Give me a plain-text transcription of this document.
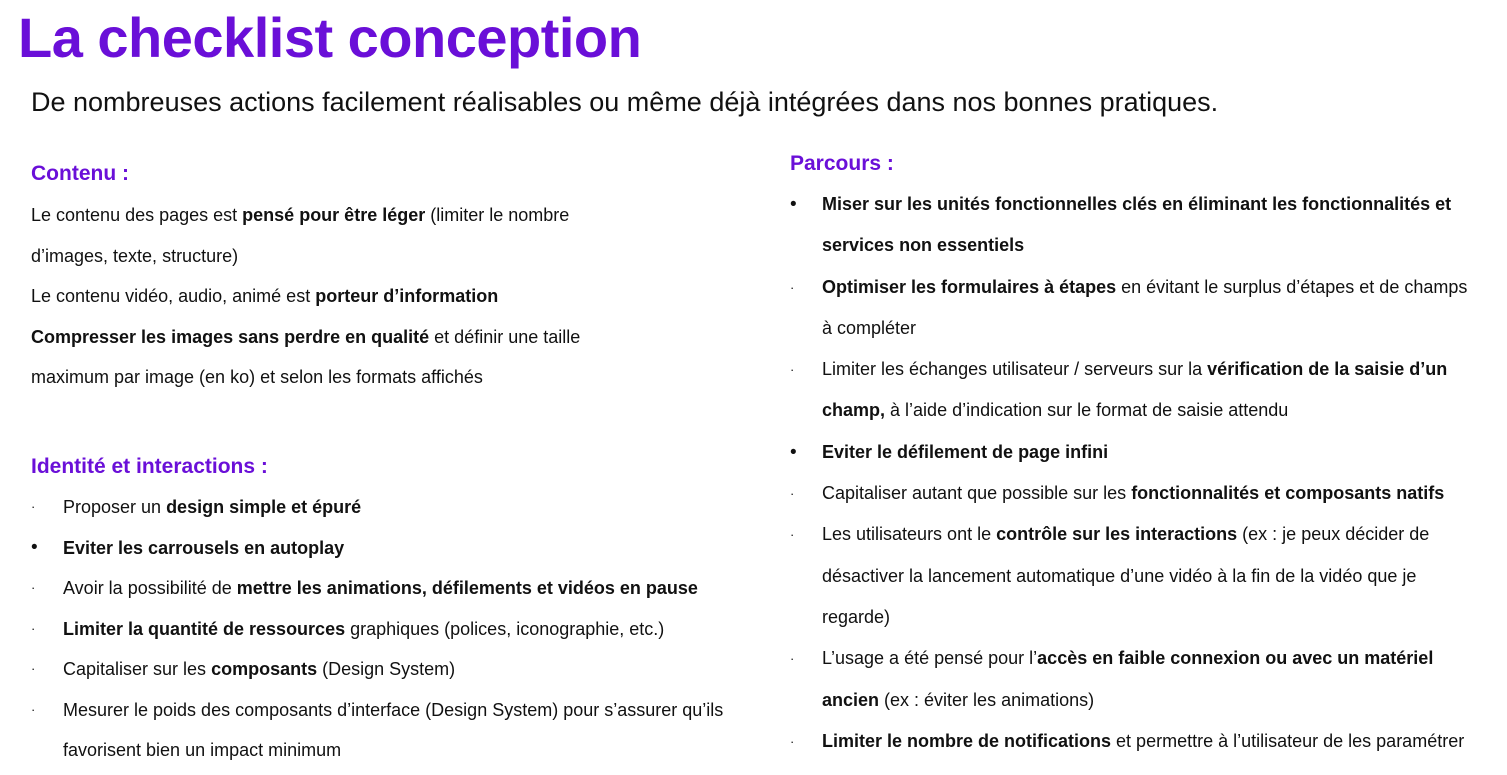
La checklist conception

De nombreuses actions facilement réalisables ou même déjà intégrées dans nos bonnes pratiques.

Contenu :
Le contenu des pages est pensé pour être léger (limiter le nombre
d’images, texte, structure)
Le contenu vidéo, audio, animé est porteur d’information
Compresser les images sans perdre en qualité et définir une taille
maximum par image (en ko) et selon les formats affichés
Identité et interactions :
· Proposer un design simple et épuré
• Eviter les carrousels en autoplay
· Avoir la possibilité de mettre les animations, défilements et vidéos en pause
· Limiter la quantité de ressources graphiques (polices, iconographie, etc.)
· Capitaliser sur les composants (Design System)
· Mesurer le poids des composants d’interface (Design System) pour s’assurer qu’ils
favorisent bien un impact minimum
Parcours :
• Miser sur les unités fonctionnelles clés en éliminant les fonctionnalités et
services non essentiels
· Optimiser les formulaires à étapes en évitant le surplus d’étapes et de champs
à compléter
· Limiter les échanges utilisateur / serveurs sur la vérification de la saisie d’un
champ, à l’aide d’indication sur le format de saisie attendu
• Eviter le défilement de page infini
· Capitaliser autant que possible sur les fonctionnalités et composants natifs
· Les utilisateurs ont le contrôle sur les interactions (ex : je peux décider de
désactiver la lancement automatique d’une vidéo à la fin de la vidéo que je
regarde)
· L’usage a été pensé pour l’accès en faible connexion ou avec un matériel
ancien (ex : éviter les animations)
· Limiter le nombre de notifications et permettre à l’utilisateur de les paramétrer
